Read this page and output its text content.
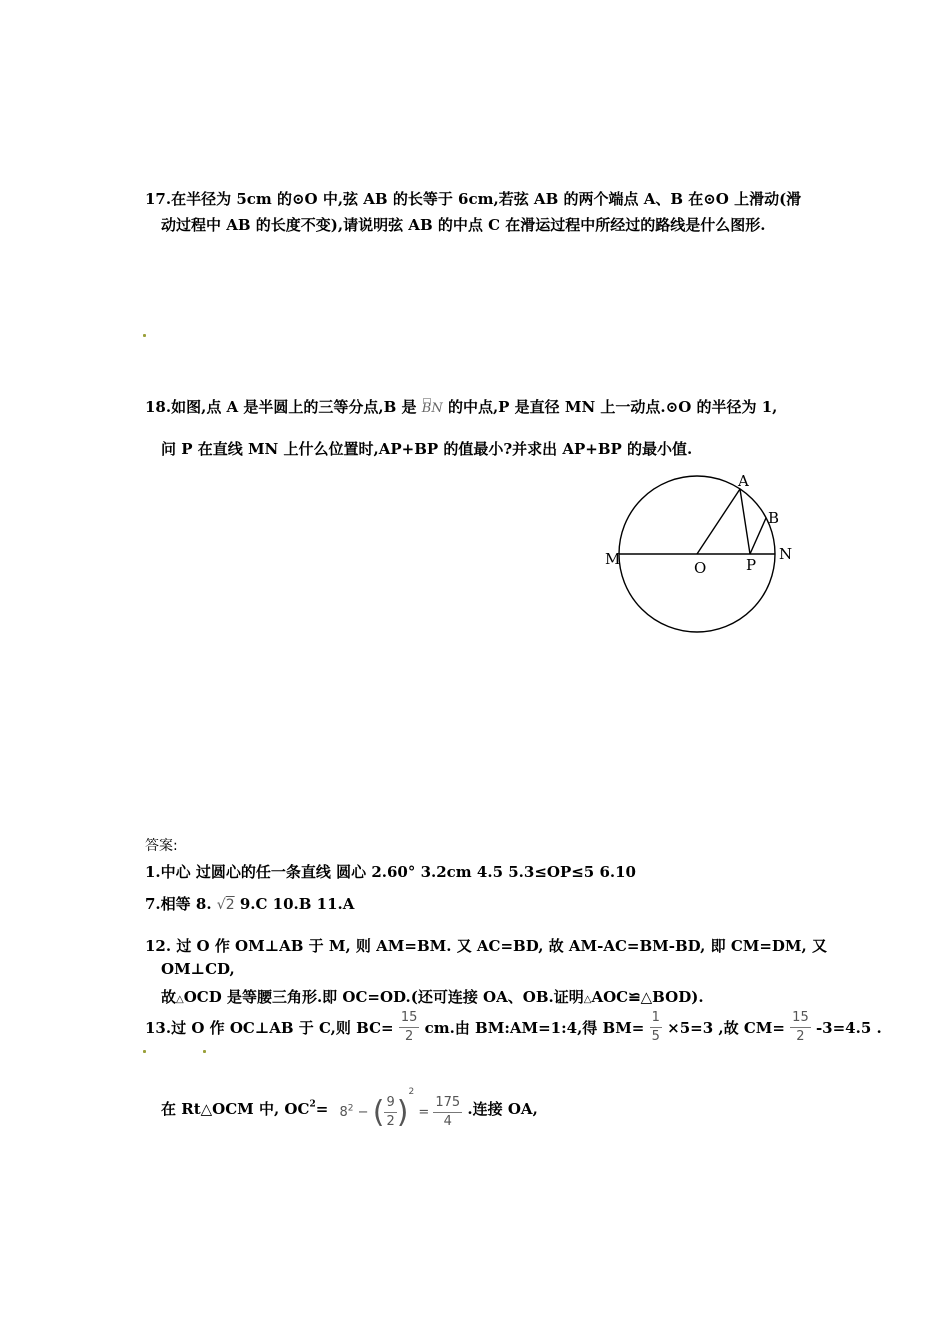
17.在半径为 5cm 的⊙O 中,弦 AB 的长等于 6cm,若弦 AB 的两个端点 A、B 在⊙O 上滑动(滑
动过程中 AB 的长度不变),请说明弦 AB 的中点 C 在滑运过程中所经过的路线是什么图形.
18.如图,点 A 是半圆上的三等分点,B 是 BN 的中点,P 是直径 MN 上一动点.⊙O 的半径为 1,
问 P 在直线 MN 上什么位置时,AP+BP 的值最小?并求出 AP+BP 的最小值.
A
B
M	N
O	P
答案:
1.中心 过圆心的任一条直线 圆心 2.60° 3.2cm 4.5 5.3≤OP≤5 6.10
7.相等 8. √2 9.C 10.B 11.A
12. 过 O 作 OM⊥AB 于 M, 则 AM=BM. 又 AC=BD, 故 AM-AC=BM-BD, 即 CM=DM, 又
OM⊥CD,
故△OCD 是等腰三角形.即 OC=OD.(还可连接 OA、OB.证明△AOC≌△BOD).
13.过 O 作 OC⊥AB 于 C,则 $BC= \frac{15}{2}$ cm.由 BM:AM=1:4,得 $BM= \frac{1}{5} \times 5=3$ ,故 $CM= \frac{15}{2} -3=4.5$ .
在 Rt△OCM 中, $OC^2= 8^2$ − ( $\frac{9}{2} )^2 = \frac{175}{4}$ .连接 OA,
